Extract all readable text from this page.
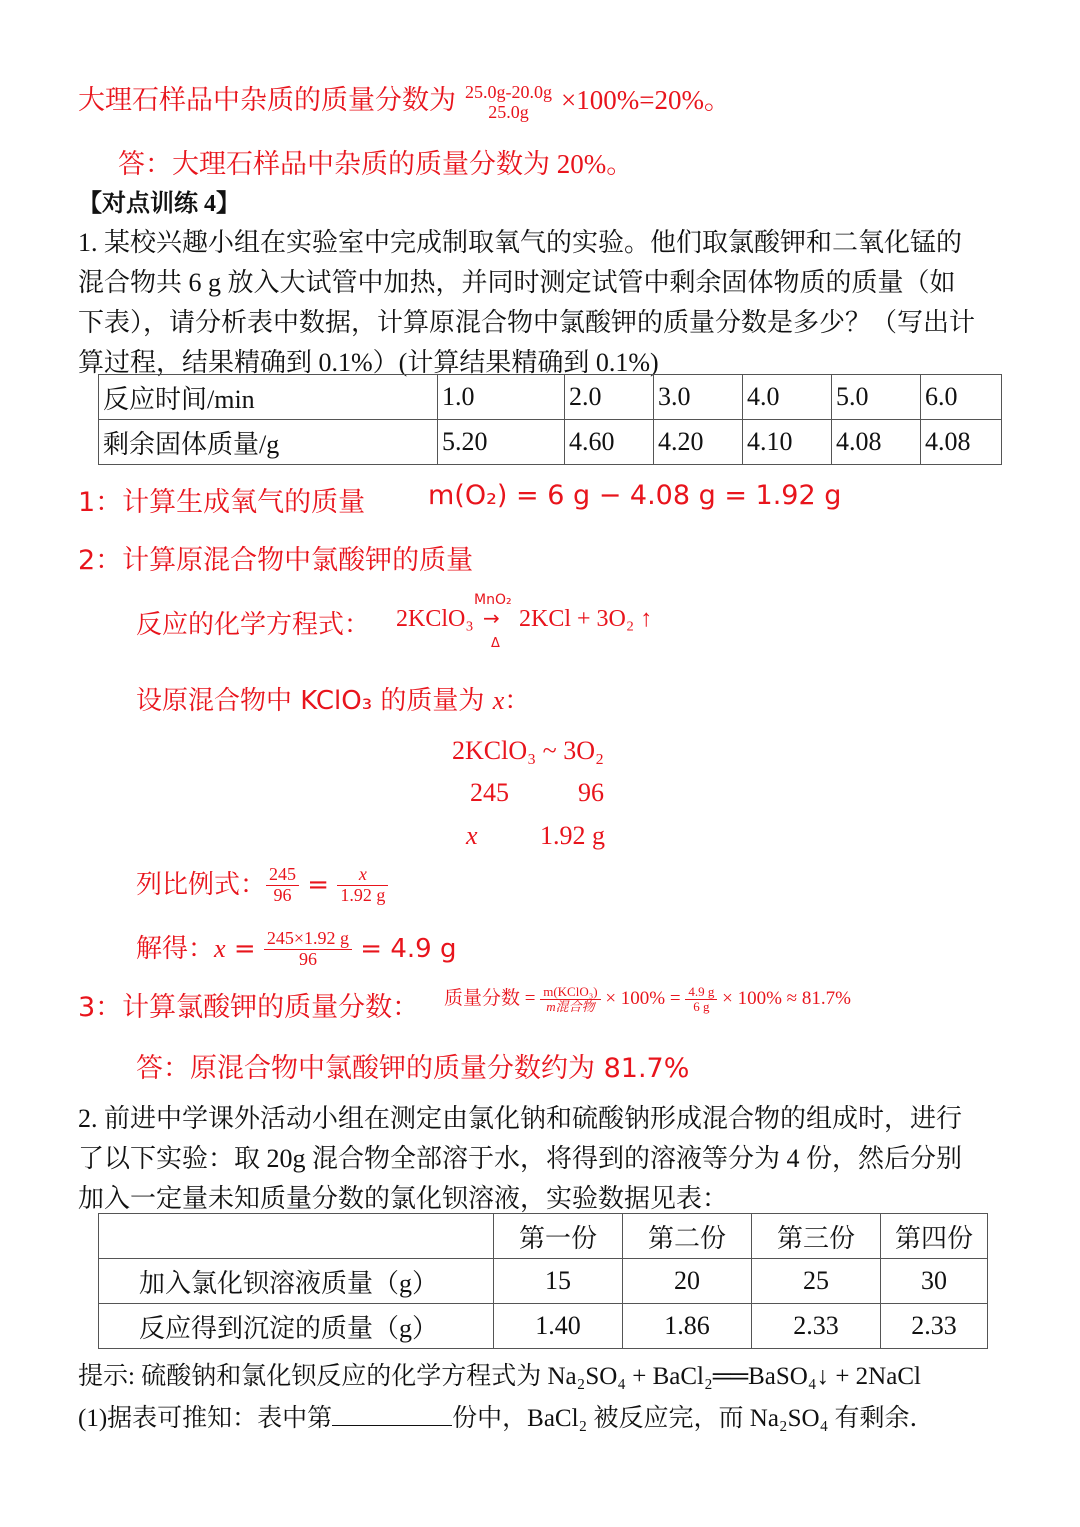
大理石样品中杂质的质量分数为 25.0g-20.0g
25.0g	×100%=20%。
答：大理石样品中杂质的质量分数为 20%。
【对点训练 4】
1. 某校兴趣小组在实验室中完成制取氧气的实验。他们取氯酸钾和二氧化锰的
混合物共 6 g 放入大试管中加热，并同时测定试管中剩余固体物质的质量（如
下表），请分析表中数据，计算原混合物中氯酸钾的质量分数是多少？（写出计
算过程，结果精确到 0.1%）(计算结果精确到 0.1%)
反应时间/min	1.0	2.0	3.0	4.0	5.0	6.0
剩余固体质量/g	5.20	4.60	4.20	4.10	4.08	4.08
1：计算生成氧气的质量 m(O₂) = 6 g − 4.08 g = 1.92 g
2：计算原混合物中氯酸钾的质量
反应的化学方程式： 2KClO₃
MnO₂
→
Δ
2KCl + 3O₂ ↑
设原混合物中 KClO₃ 的质量为 x：
2KClO₃ ~ 3O₂
245	96
x 1.92 g
列比例式： $\frac{245}{96} = \frac{x}{1.92 g}$
解得：$x = \frac{245\times 1.92 g}{96} = 4.9$ g
3：计算氯酸钾的质量分数： 质量分数 = $\frac{\text{m(KClO₃)}}{\text{m混合物}} \times 100\% = \frac{4.9 g}{6 g} \times 100\% \approx 81.7\%$
答：原混合物中氯酸钾的质量分数约为 81.7%
2. 前进中学课外活动小组在测定由氯化钠和硫酸钠形成混合物的组成时，进行
了以下实验：取 20g 混合物全部溶于水，将得到的溶液等分为 4 份，然后分别
加入一定量未知质量分数的氯化钡溶液，实验数据见表：
	第一份	第二份	第三份	第四份
加入氯化钡溶液质量（g）	15	20	25	30
反应得到沉淀的质量（g）	1.40	1.86	2.33	2.33
提示: 硫酸钠和氯化钡反应的化学方程式为 Na₂SO₄ + BaCl₂══BaSO₄↓ + 2NaCl
(1)据表可推知：表中第	份中，BaCl₂ 被反应完，而 Na₂SO₄ 有剩余．
